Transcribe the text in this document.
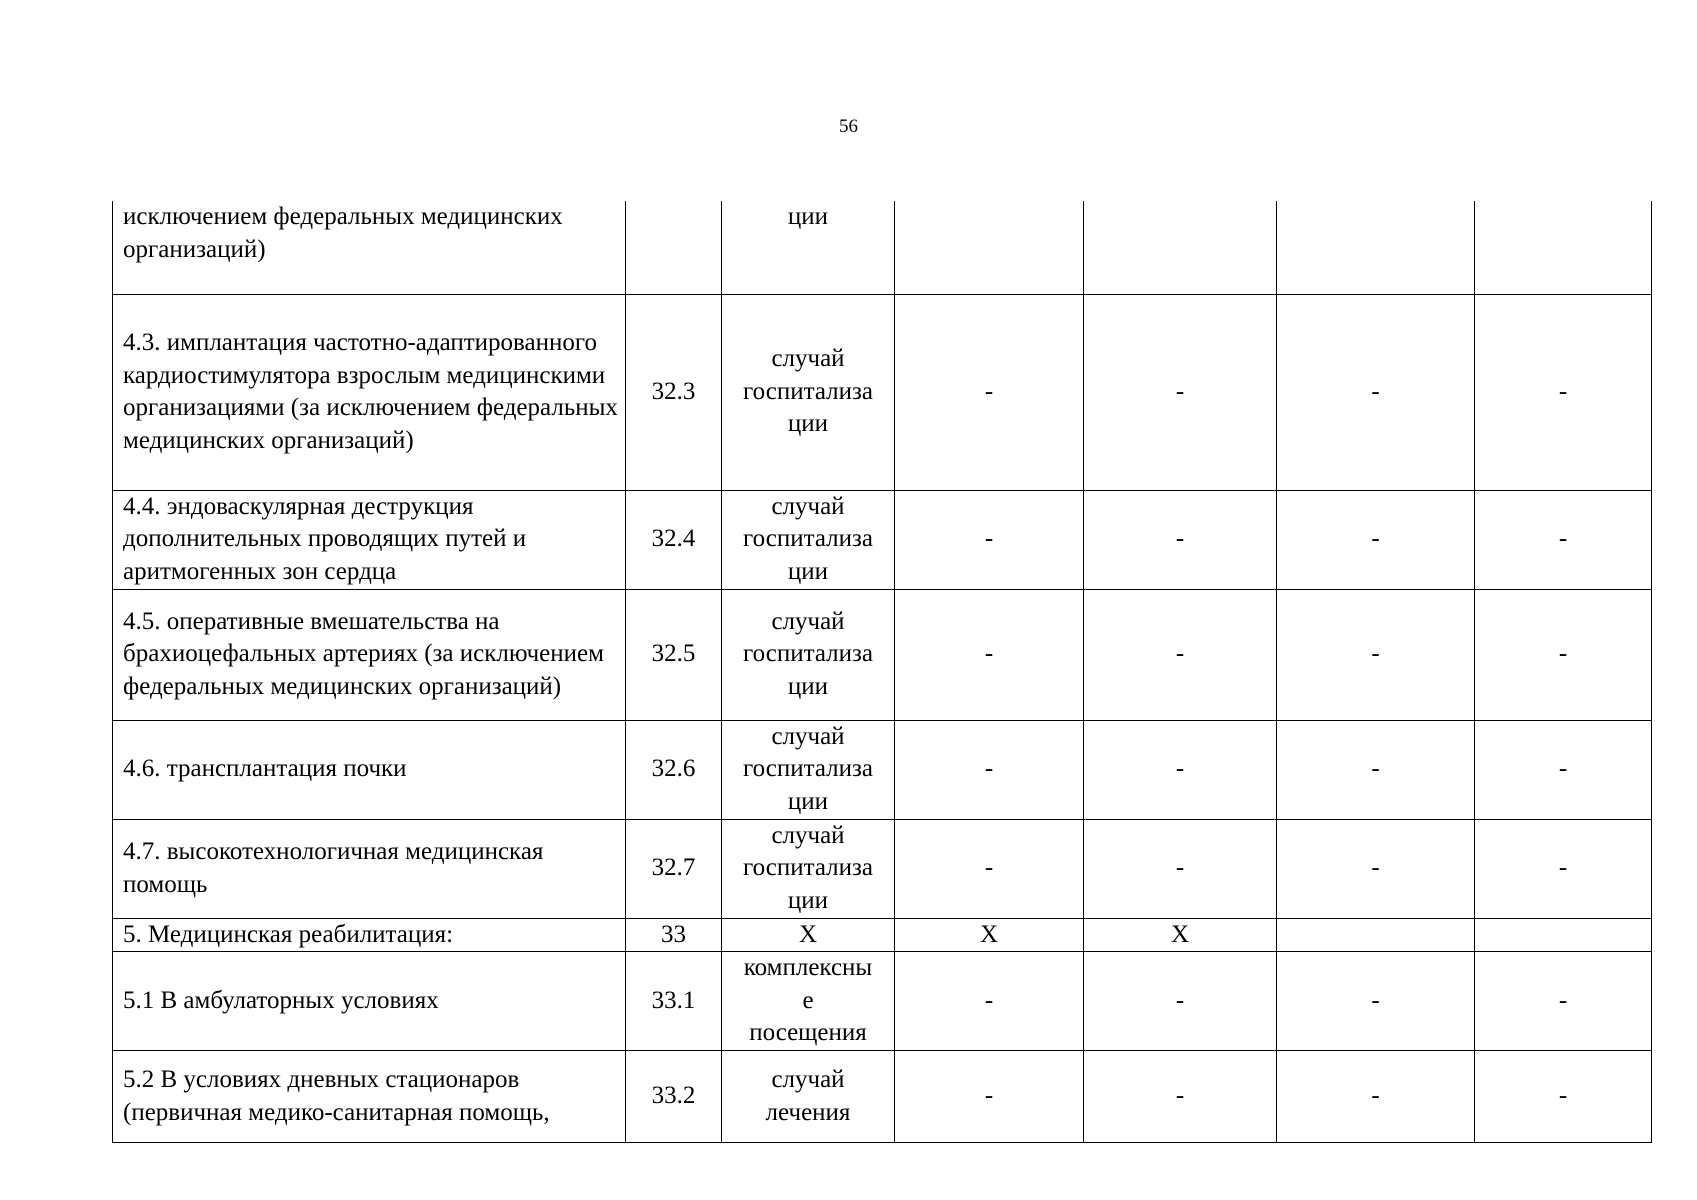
56
исключением федеральных медицинских организаций)		ции				

4.3. имплантация частотно-адаптированного кардиостимулятора взрослым медицинскими организациями (за исключением федеральных медицинских организаций)	32.3	случай
госпитализа
ции	-	-	-	-
4.4. эндоваскулярная деструкция дополнительных проводящих путей и аритмогенных зон сердца	32.4	случай
госпитализа
ции	-	-	-	-
4.5. оперативные вмешательства на брахиоцефальных артериях (за исключением федеральных медицинских организаций)	32.5	случай
госпитализа
ции	-	-	-	-
4.6. трансплантация почки	32.6	случай
госпитализа
ции	-	-	-	-
4.7. высокотехнологичная медицинская помощь	32.7	случай
госпитализа
ции	-	-	-	-
5. Медицинская реабилитация:	33	Х	Х	Х		
5.1 В амбулаторных условиях	33.1	комплексны
е
посещения	-	-	-	-
5.2 В условиях дневных стационаров (первичная медико-санитарная помощь,	33.2	случай
лечения	-	-	-	-
